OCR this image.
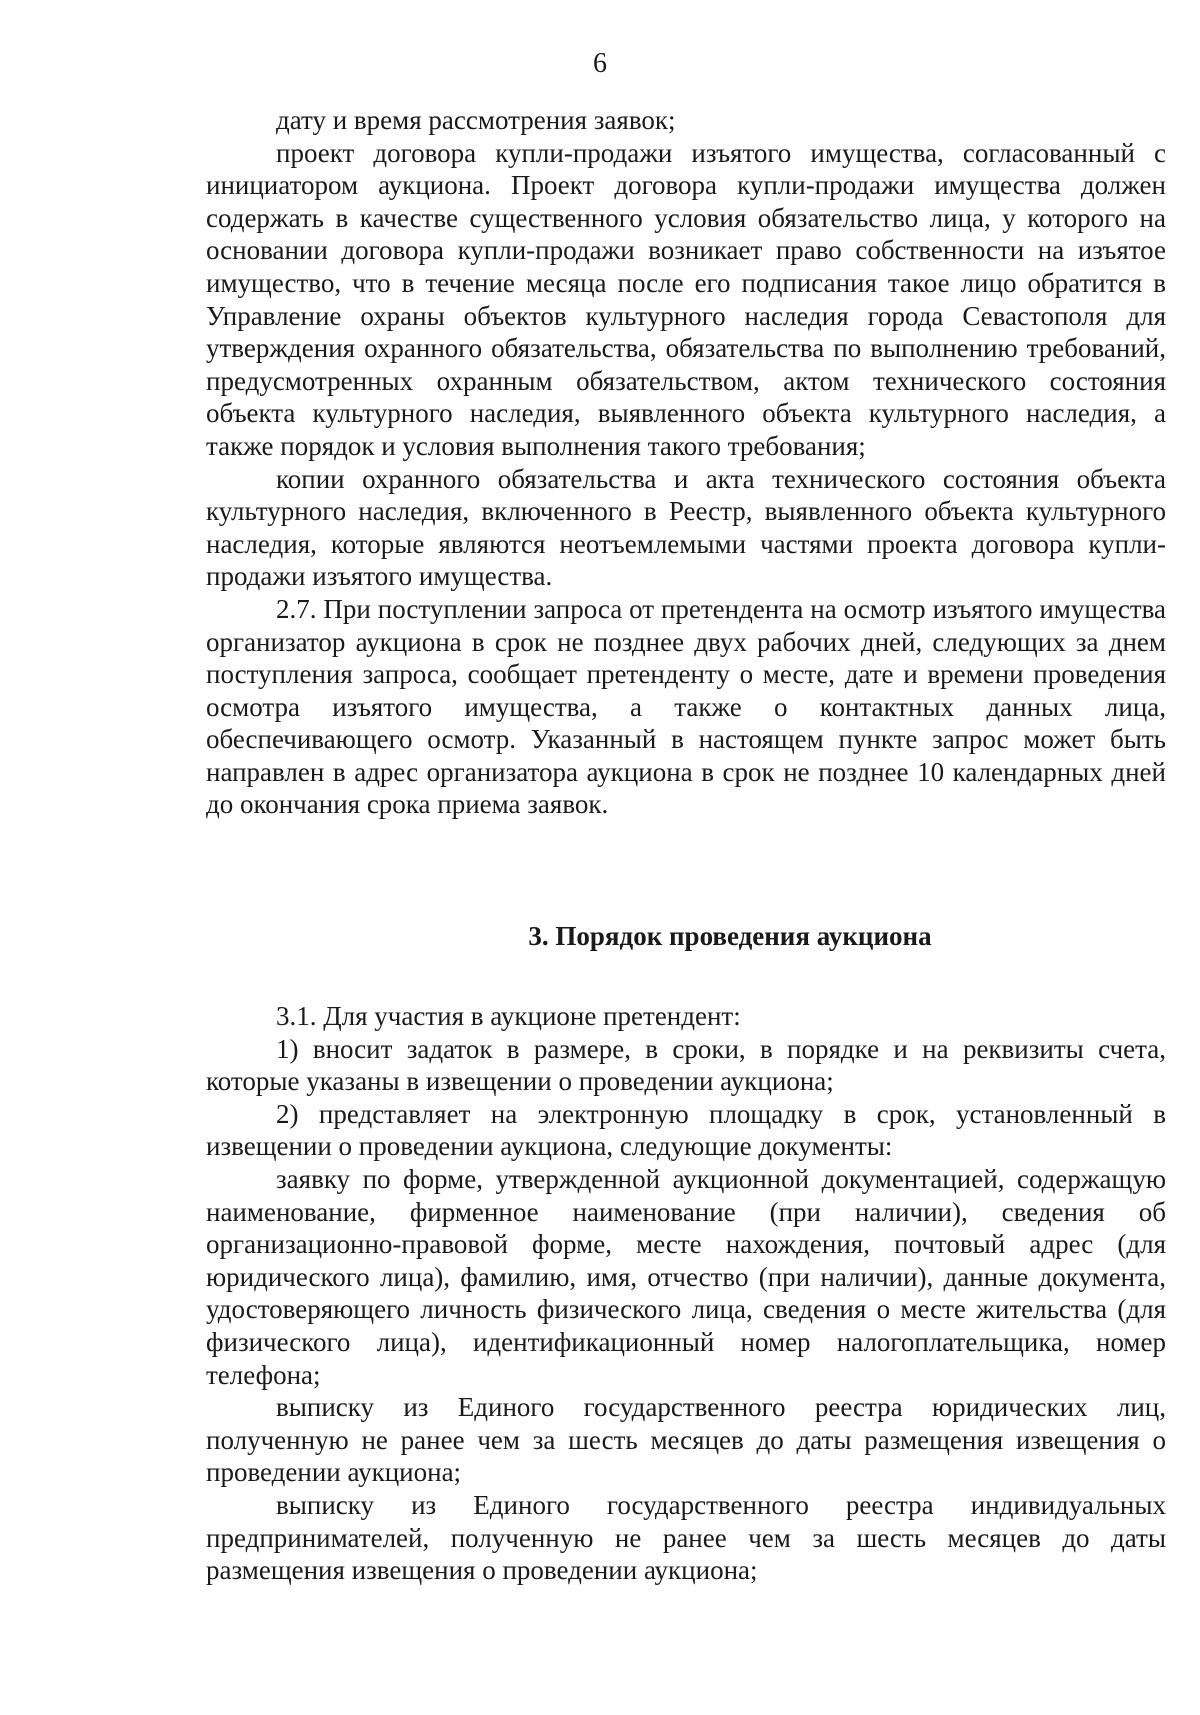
6

дату и время рассмотрения заявок;

проект договора купли-продажи изъятого имущества, согласованный с инициатором аукциона. Проект договора купли-продажи имущества должен содержать в качестве существенного условия обязательство лица, у которого на основании договора купли-продажи возникает право собственности на изъятое имущество, что в течение месяца после его подписания такое лицо обратится в Управление охраны объектов культурного наследия города Севастополя для утверждения охранного обязательства, обязательства по выполнению требований, предусмотренных охранным обязательством, актом технического состояния объекта культурного наследия, выявленного объекта культурного наследия, а также порядок и условия выполнения такого требования;

копии охранного обязательства и акта технического состояния объекта культурного наследия, включенного в Реестр, выявленного объекта культурного наследия, которые являются неотъемлемыми частями проекта договора купли-продажи изъятого имущества.

2.7. При поступлении запроса от претендента на осмотр изъятого имущества организатор аукциона в срок не позднее двух рабочих дней, следующих за днем поступления запроса, сообщает претенденту о месте, дате и времени проведения осмотра изъятого имущества, а также о контактных данных лица, обеспечивающего осмотр. Указанный в настоящем пункте запрос может быть направлен в адрес организатора аукциона в срок не позднее 10 календарных дней до окончания срока приема заявок.

3. Порядок проведения аукциона

3.1. Для участия в аукционе претендент:

1) вносит задаток в размере, в сроки, в порядке и на реквизиты счета, которые указаны в извещении о проведении аукциона;

2) представляет на электронную площадку в срок, установленный в извещении о проведении аукциона, следующие документы:

заявку по форме, утвержденной аукционной документацией, содержащую наименование, фирменное наименование (при наличии), сведения об организационно-правовой форме, месте нахождения, почтовый адрес (для юридического лица), фамилию, имя, отчество (при наличии), данные документа, удостоверяющего личность физического лица, сведения о месте жительства (для физического лица), идентификационный номер налогоплательщика, номер телефона;

выписку из Единого государственного реестра юридических лиц, полученную не ранее чем за шесть месяцев до даты размещения извещения о проведении аукциона;

выписку из Единого государственного реестра индивидуальных предпринимателей, полученную не ранее чем за шесть месяцев до даты размещения извещения о проведении аукциона;
